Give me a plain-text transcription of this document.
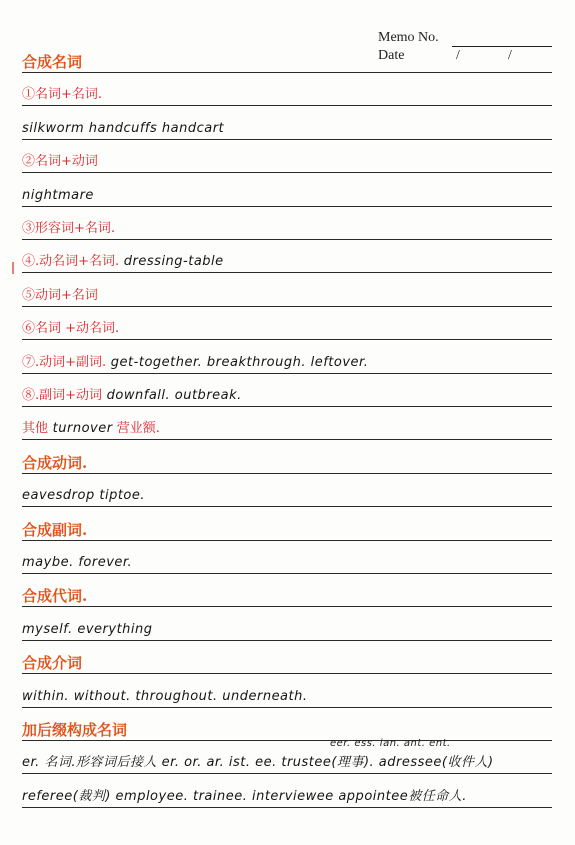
Memo No.
Date	/	/
合成名词
①名词+名词.
silkworm handcuffs handcart
②名词+动词
nightmare
③形容词+名词.
④.动名词+名词. dressing-table
⑤动词+名词
⑥名词 +动名词.
⑦.动词+副词. get-together. breakthrough. leftover.
⑧.副词+动词 downfall. outbreak.
其他 turnover 营业额.
合成动词.
eavesdrop tiptoe.
合成副词.
maybe. forever.
合成代词.
myself. everything
合成介词
within. without. throughout. underneath.
加后缀构成名词
er. 名词.形容词后接人 er. or. ar. ist. ee. trustee(理事). adressee(收件人)
referee(裁判) employee. trainee. interviewee appointee被任命人.
eer. ess. ian. ant. ent.
